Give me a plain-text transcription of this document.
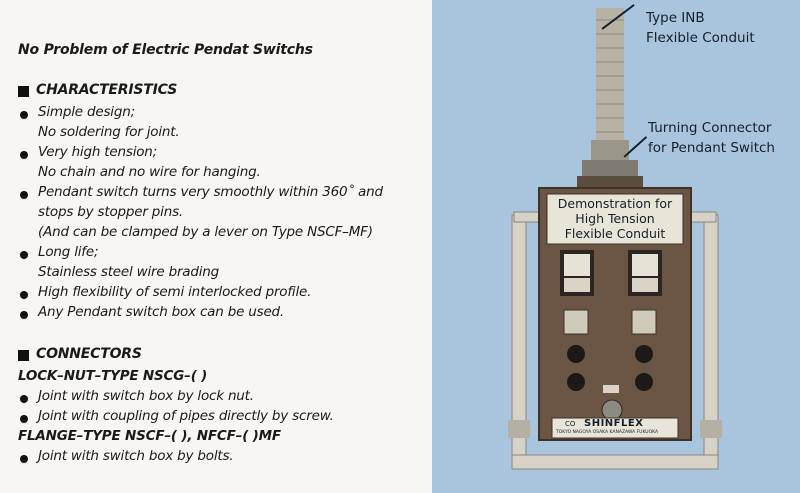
No Problem of Electric Pendat Switchs
CHARACTERISTICS
Simple design;
No soldering for joint.
Very high tension;
No chain and no wire for hanging.
Pendant switch turns very smoothly within 360˚ and
stops by stopper pins.
(And can be clamped by a lever on Type NSCF–MF)
Long life;
Stainless steel wire brading
High flexibility of semi interlocked profile.
Any Pendant switch box can be used.
CONNECTORS
LOCK–NUT–TYPE NSCG–( )
Joint with switch box by lock nut.
Joint with coupling of pipes directly by screw.
FLANGE–TYPE NSCF–( ), NFCF–( )MF
Joint with switch box by bolts.
Type INB
Flexible Conduit
Turning Connector
for Pendant Switch
Demonstration for
High Tension
Flexible Conduit
CO SHINFLEX
TOKYO NAGOYA OSAKA KANAZAWA FUKUOKA
